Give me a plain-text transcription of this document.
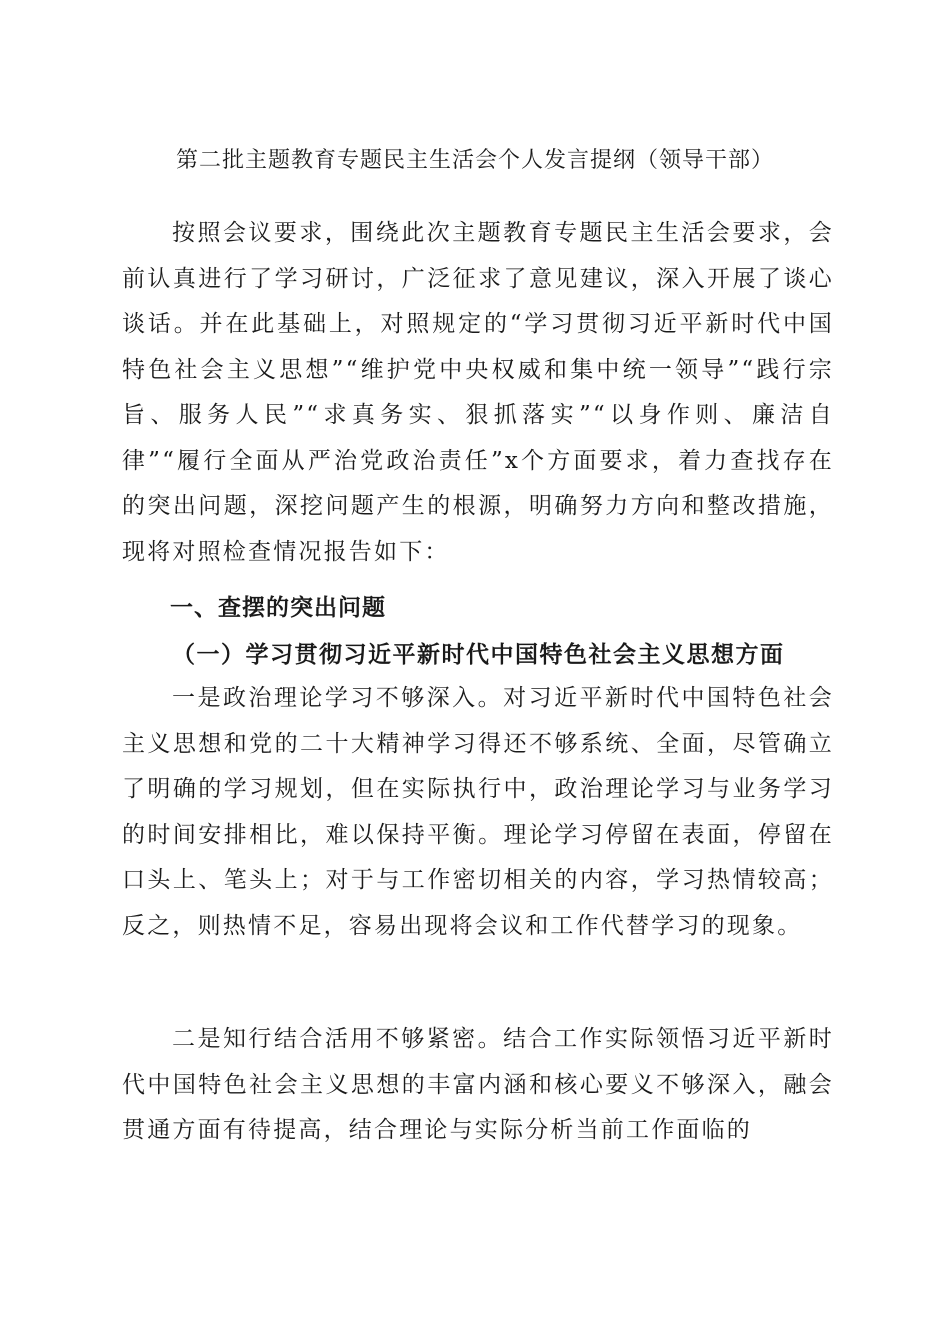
第二批主题教育专题民主生活会个人发言提纲（领导干部）

按照会议要求，围绕此次主题教育专题民主生活会要求，会前认真进行了学习研讨，广泛征求了意见建议，深入开展了谈心谈话。并在此基础上，对照规定的“学习贯彻习近平新时代中国特色社会主义思想”“维护党中央权威和集中统一领导”“践行宗旨、服务人民”“求真务实、狠抓落实”“以身作则、廉洁自律”“履行全面从严治党政治责任”x个方面要求，着力查找存在的突出问题，深挖问题产生的根源，明确努力方向和整改措施，现将对照检查情况报告如下：

一、查摆的突出问题
（一）学习贯彻习近平新时代中国特色社会主义思想方面

一是政治理论学习不够深入。对习近平新时代中国特色社会主义思想和党的二十大精神学习得还不够系统、全面，尽管确立了明确的学习规划，但在实际执行中，政治理论学习与业务学习的时间安排相比，难以保持平衡。理论学习停留在表面，停留在口头上、笔头上；对于与工作密切相关的内容，学习热情较高；反之，则热情不足，容易出现将会议和工作代替学习的现象。

二是知行结合活用不够紧密。结合工作实际领悟习近平新时代中国特色社会主义思想的丰富内涵和核心要义不够深入，融会贯通方面有待提高，结合理论与实际分析当前工作面临的
